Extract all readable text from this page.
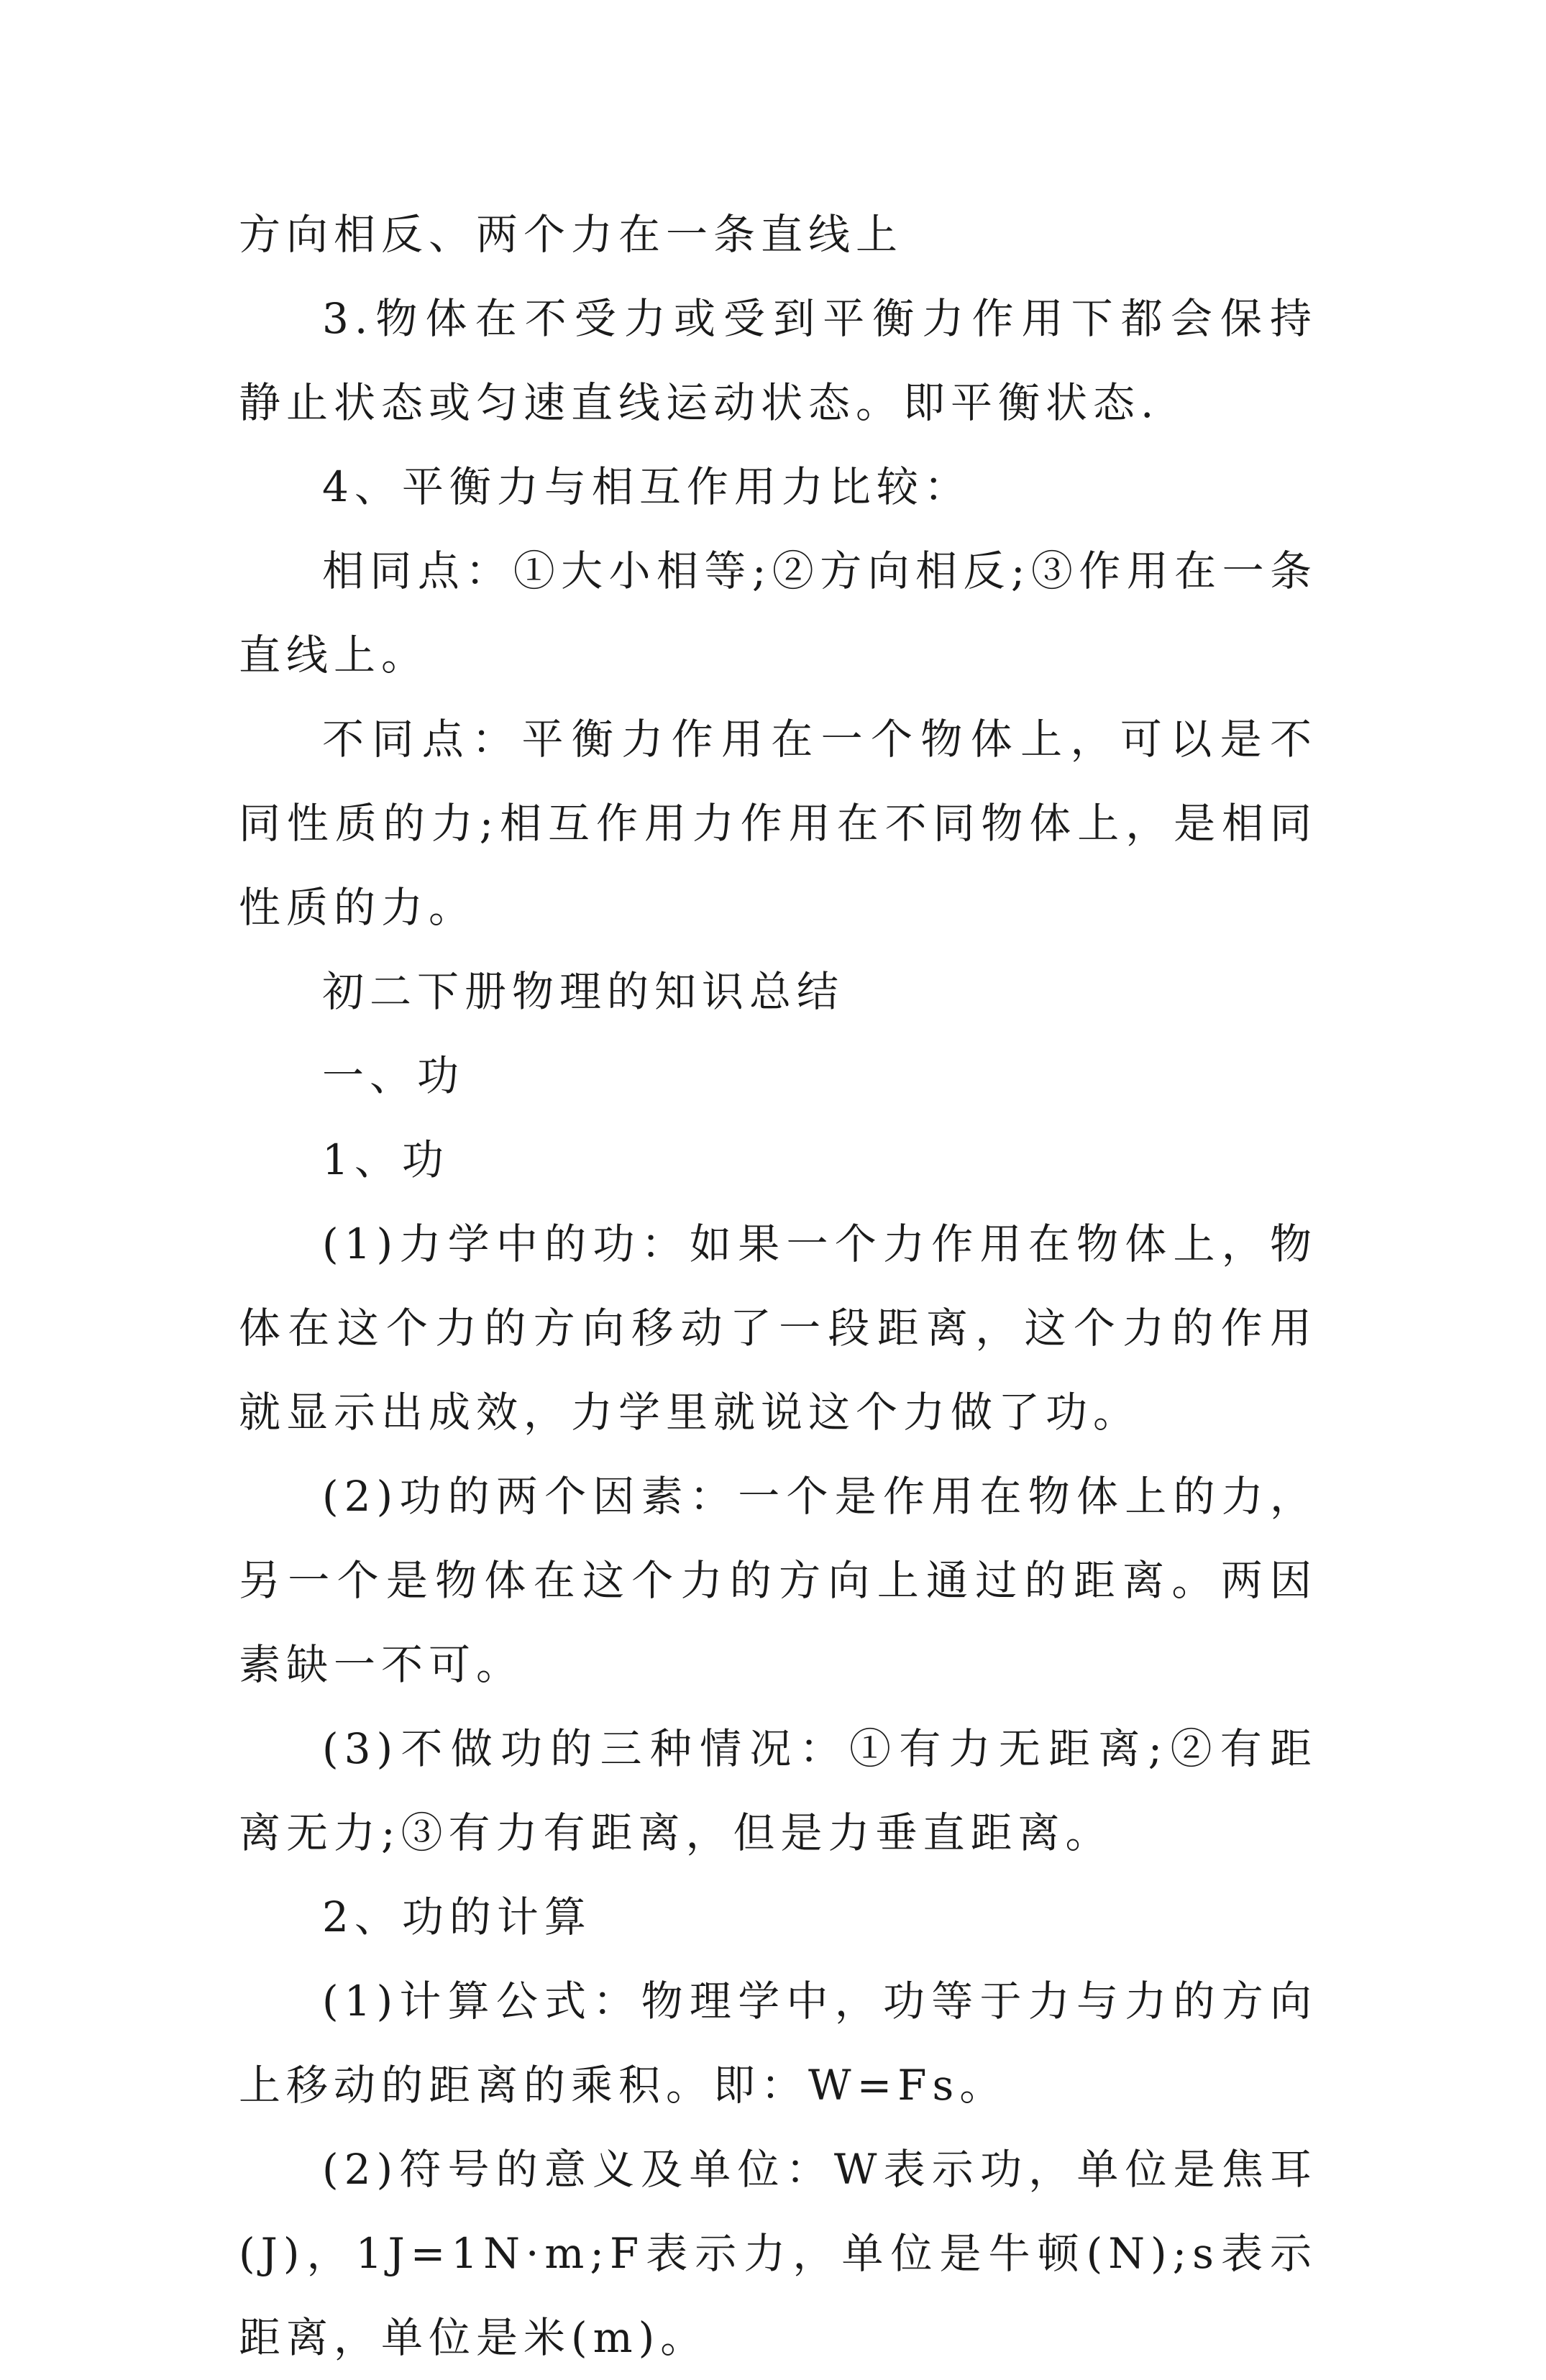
方向相反、两个力在一条直线上

3.物体在不受力或受到平衡力作用下都会保持静止状态或匀速直线运动状态。即平衡状态.

4、平衡力与相互作用力比较：

相同点：①大小相等;②方向相反;③作用在一条直线上。

不同点：平衡力作用在一个物体上，可以是不同性质的力;相互作用力作用在不同物体上，是相同性质的力。

初二下册物理的知识总结

一、功

1、功

(1)力学中的功：如果一个力作用在物体上，物体在这个力的方向移动了一段距离，这个力的作用就显示出成效，力学里就说这个力做了功。

(2)功的两个因素：一个是作用在物体上的力，另一个是物体在这个力的方向上通过的距离。两因素缺一不可。

(3)不做功的三种情况：①有力无距离;②有距离无力;③有力有距离，但是力垂直距离。

2、功的计算

(1)计算公式：物理学中，功等于力与力的方向上移动的距离的乘积。即：W=Fs。

(2)符号的意义及单位：W表示功，单位是焦耳(J)，1J=1N·m;F表示力，单位是牛顿(N);s表示距离，单位是米(m)。
